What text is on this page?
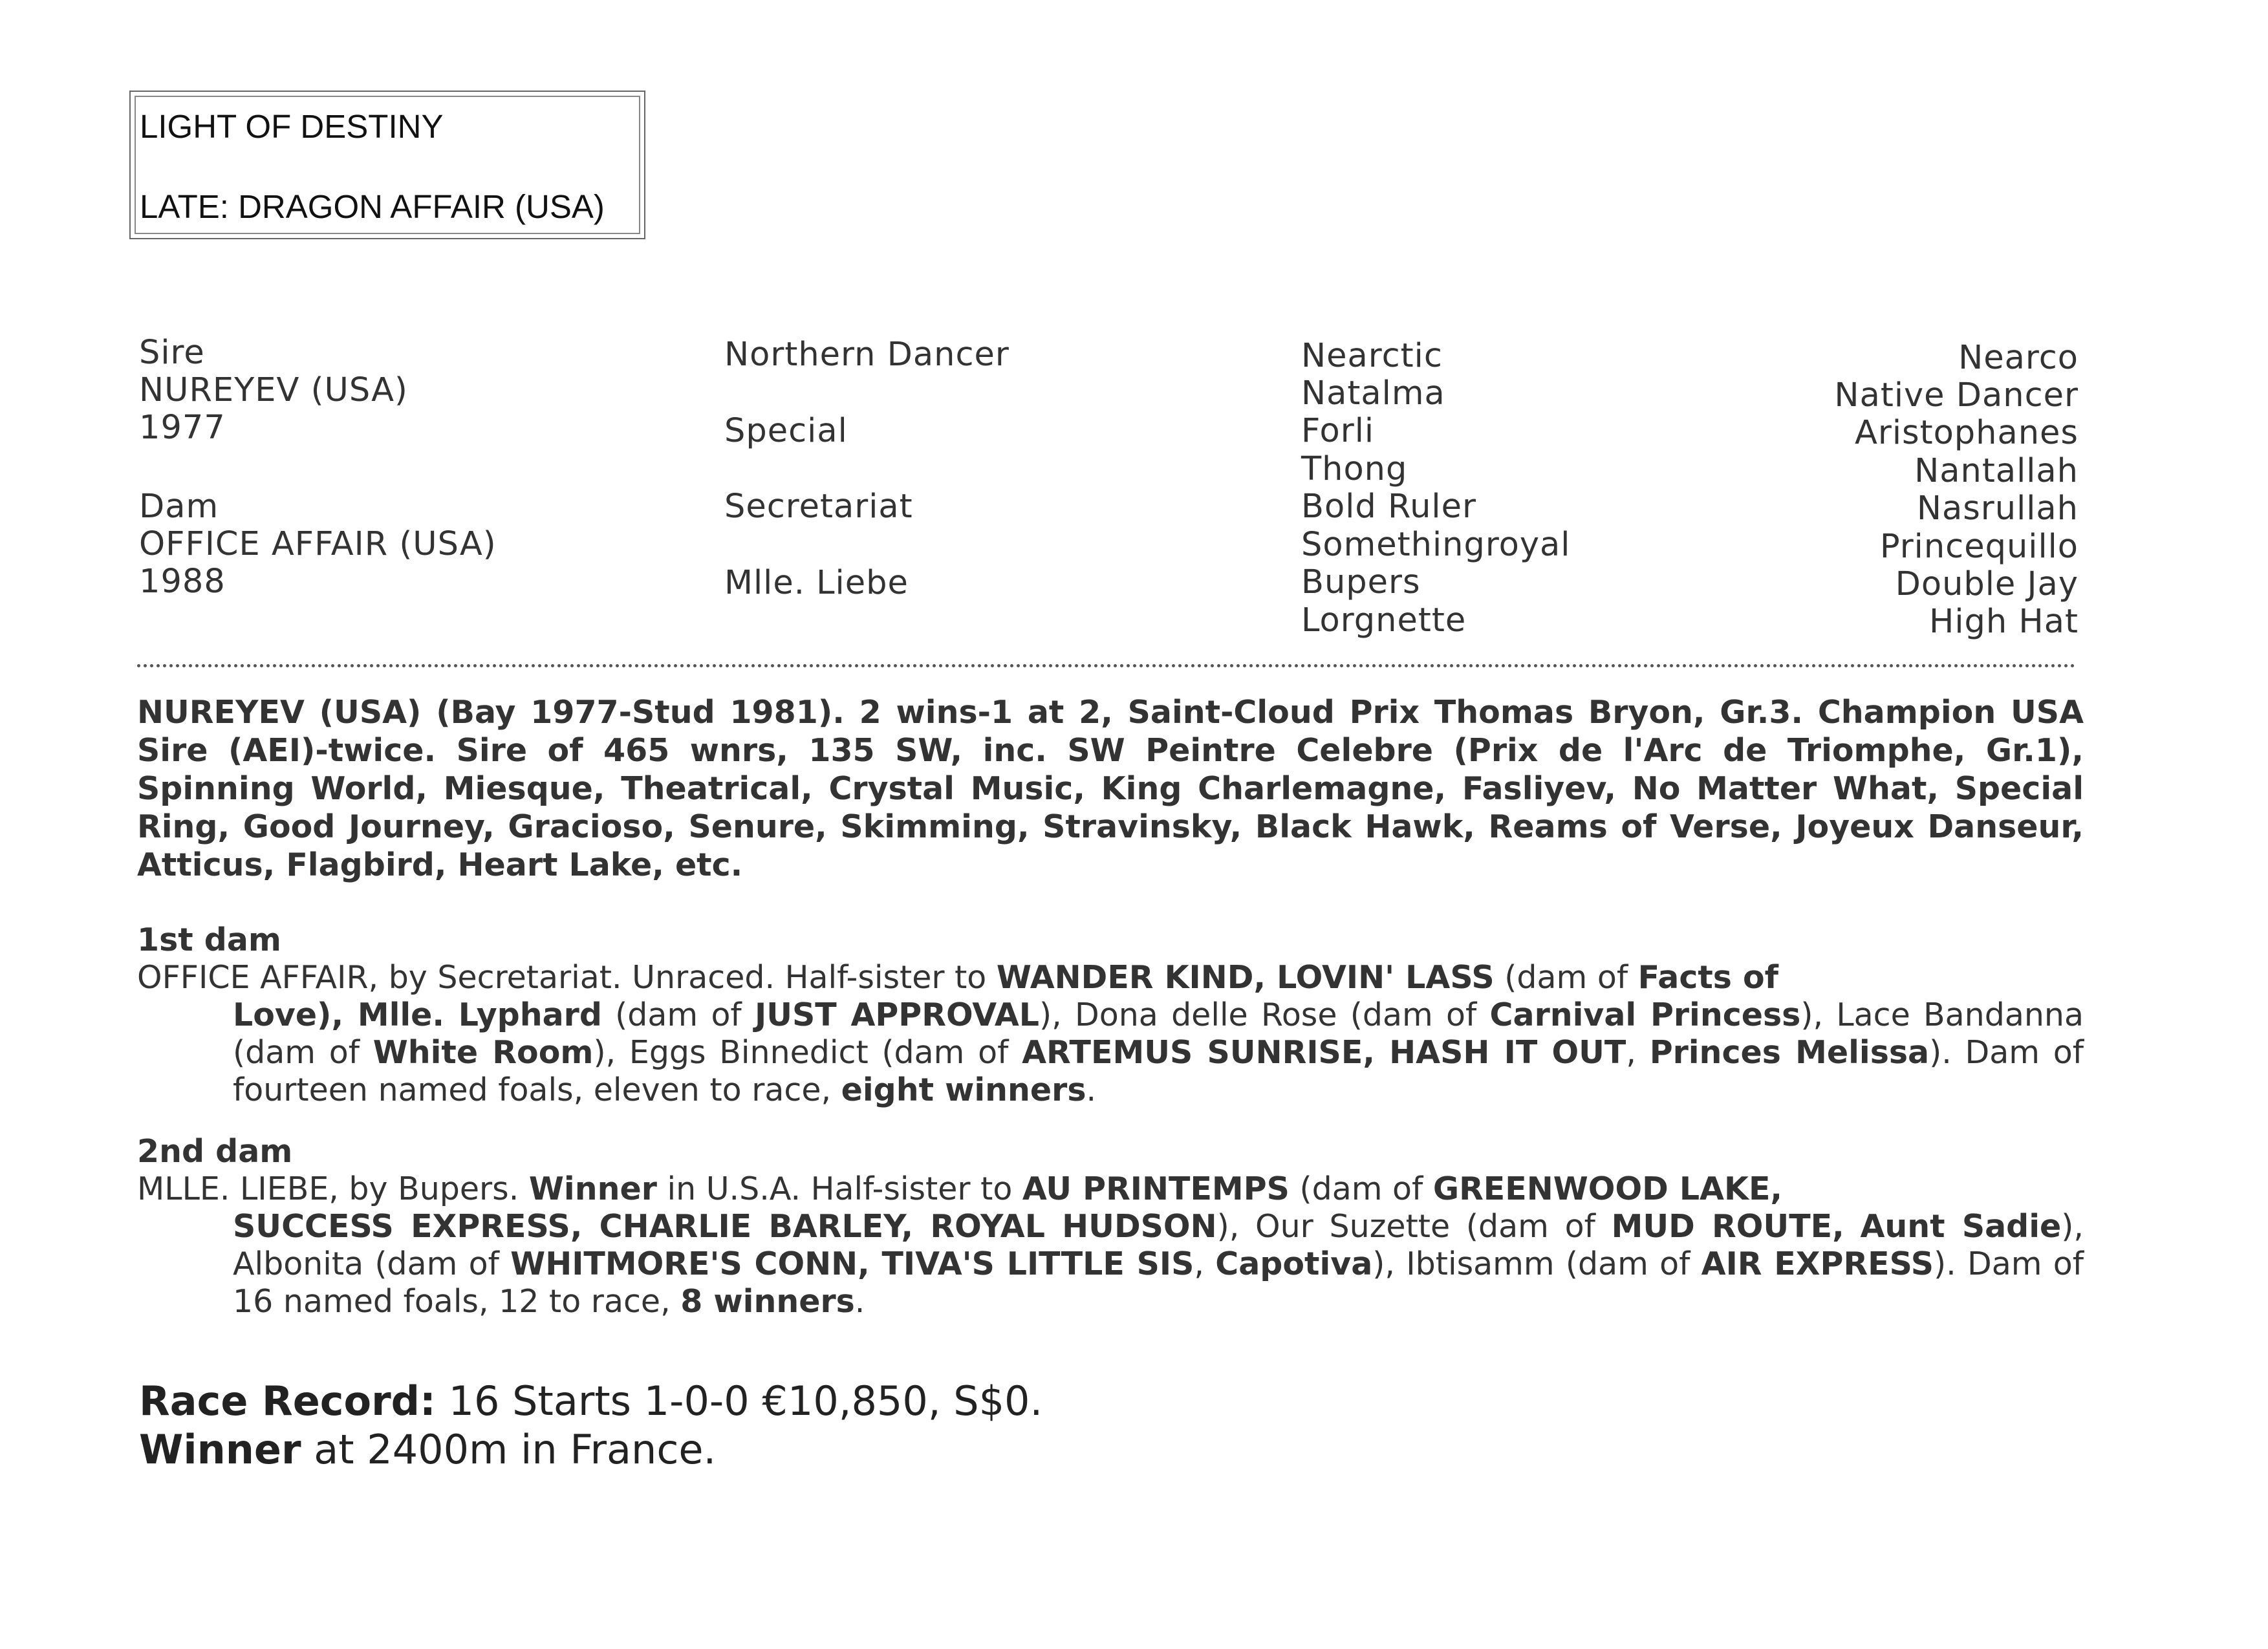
LIGHT OF DESTINY
LATE: DRAGON AFFAIR (USA)
Sire
NUREYEV (USA)
1977
Dam
OFFICE AFFAIR (USA)
1988
Northern Dancer
Special
Secretariat
Mlle. Liebe
Nearctic
Natalma
Forli
Thong
Bold Ruler
Somethingroyal
Bupers
Lorgnette
Nearco
Native Dancer
Aristophanes
Nantallah
Nasrullah
Princequillo
Double Jay
High Hat
NUREYEV (USA) (Bay 1977-Stud 1981). 2 wins-1 at 2, Saint-Cloud Prix Thomas Bryon, Gr.3. Champion USA Sire (AEI)-twice. Sire of 465 wnrs, 135 SW, inc. SW Peintre Celebre (Prix de l'Arc de Triomphe, Gr.1), Spinning World, Miesque, Theatrical, Crystal Music, King Charlemagne, Fasliyev, No Matter What, Special Ring, Good Journey, Gracioso, Senure, Skimming, Stravinsky, Black Hawk, Reams of Verse, Joyeux Danseur, Atticus, Flagbird, Heart Lake, etc.
1st dam
OFFICE AFFAIR, by Secretariat. Unraced. Half-sister to WANDER KIND, LOVIN' LASS (dam of Facts of
Love), Mlle. Lyphard (dam of JUST APPROVAL), Dona delle Rose (dam of Carnival Princess), Lace Bandanna (dam of White Room), Eggs Binnedict (dam of ARTEMUS SUNRISE, HASH IT OUT, Princes Melissa). Dam of fourteen named foals, eleven to race, eight winners.
2nd dam
MLLE. LIEBE, by Bupers. Winner in U.S.A. Half-sister to AU PRINTEMPS (dam of GREENWOOD LAKE,
SUCCESS EXPRESS, CHARLIE BARLEY, ROYAL HUDSON), Our Suzette (dam of MUD ROUTE, Aunt Sadie), Albonita (dam of WHITMORE'S CONN, TIVA'S LITTLE SIS, Capotiva), Ibtisamm (dam of AIR EXPRESS). Dam of 16 named foals, 12 to race, 8 winners.
Race Record: 16 Starts 1-0-0 €10,850, S$0.
Winner at 2400m in France.
